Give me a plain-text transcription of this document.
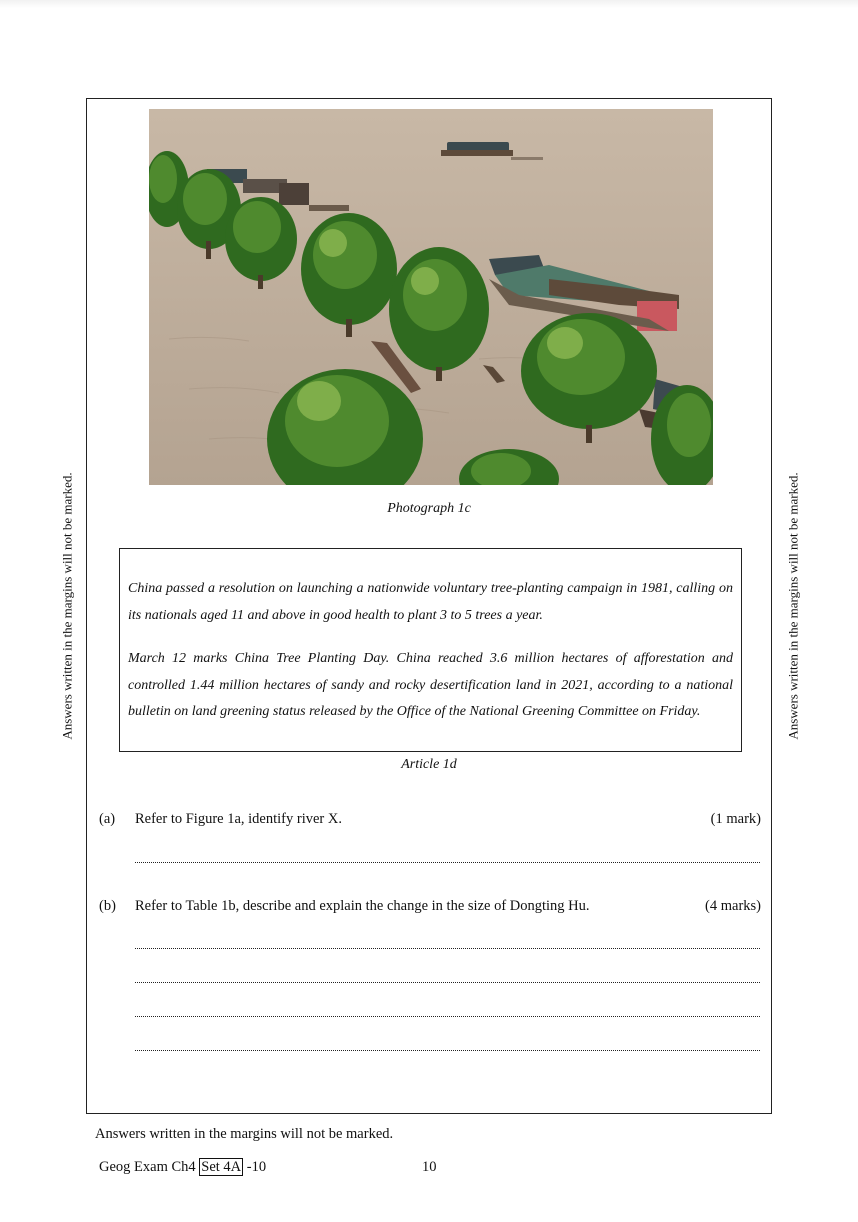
Answers written in the margins will not be marked.	Answers written in the margins will not be marked.
Photograph 1c

China passed a resolution on launching a nationwide voluntary tree-planting campaign in 1981, calling on its nationals aged 11 and above in good health to plant 3 to 5 trees a year.

March 12 marks China Tree Planting Day. China reached 3.6 million hectares of afforestation and controlled 1.44 million hectares of sandy and rocky desertification land in 2021, according to a national bulletin on land greening status released by the Office of the National Greening Committee on Friday.

Article 1d
(a) Refer to Figure 1a, identify river X.	(1 mark)
(b) Refer to Table 1b, describe and explain the change in the size of Dongting Hu.	(4 marks)
Answers written in the margins will not be marked.
Geog Exam Ch4 Set 4A -10	10
